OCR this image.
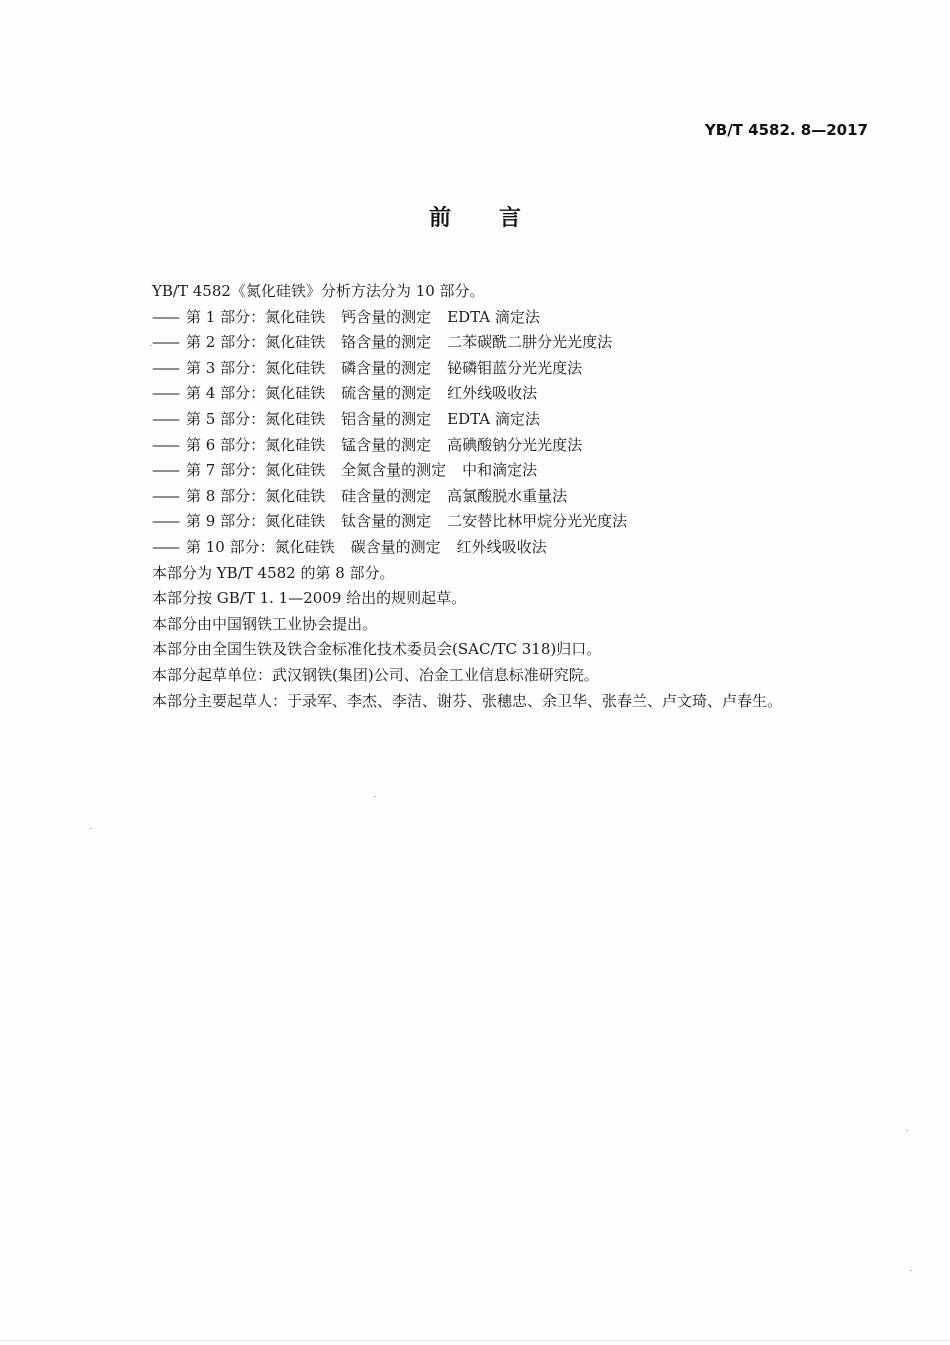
YB/T 4582. 8—2017
前言
YB/T 4582《氮化硅铁》分析方法分为 10 部分。
—— 第 1 部分：氮化硅铁 钙含量的测定 EDTA 滴定法
—— 第 2 部分：氮化硅铁 铬含量的测定 二苯碳酰二肼分光光度法
—— 第 3 部分：氮化硅铁 磷含量的测定 铋磷钼蓝分光光度法
—— 第 4 部分：氮化硅铁 硫含量的测定 红外线吸收法
—— 第 5 部分：氮化硅铁 铝含量的测定 EDTA 滴定法
—— 第 6 部分：氮化硅铁 锰含量的测定 高碘酸钠分光光度法
—— 第 7 部分：氮化硅铁 全氮含量的测定 中和滴定法
—— 第 8 部分：氮化硅铁 硅含量的测定 高氯酸脱水重量法
—— 第 9 部分：氮化硅铁 钛含量的测定 二安替比林甲烷分光光度法
—— 第 10 部分：氮化硅铁 碳含量的测定 红外线吸收法
本部分为 YB/T 4582 的第 8 部分。
本部分按 GB/T 1. 1—2009 给出的规则起草。
本部分由中国钢铁工业协会提出。
本部分由全国生铁及铁合金标准化技术委员会(SAC/TC 318)归口。
本部分起草单位：武汉钢铁(集团)公司、冶金工业信息标准研究院。
本部分主要起草人：于录军、李杰、李洁、谢芬、张穗忠、余卫华、张春兰、卢文琦、卢春生。
